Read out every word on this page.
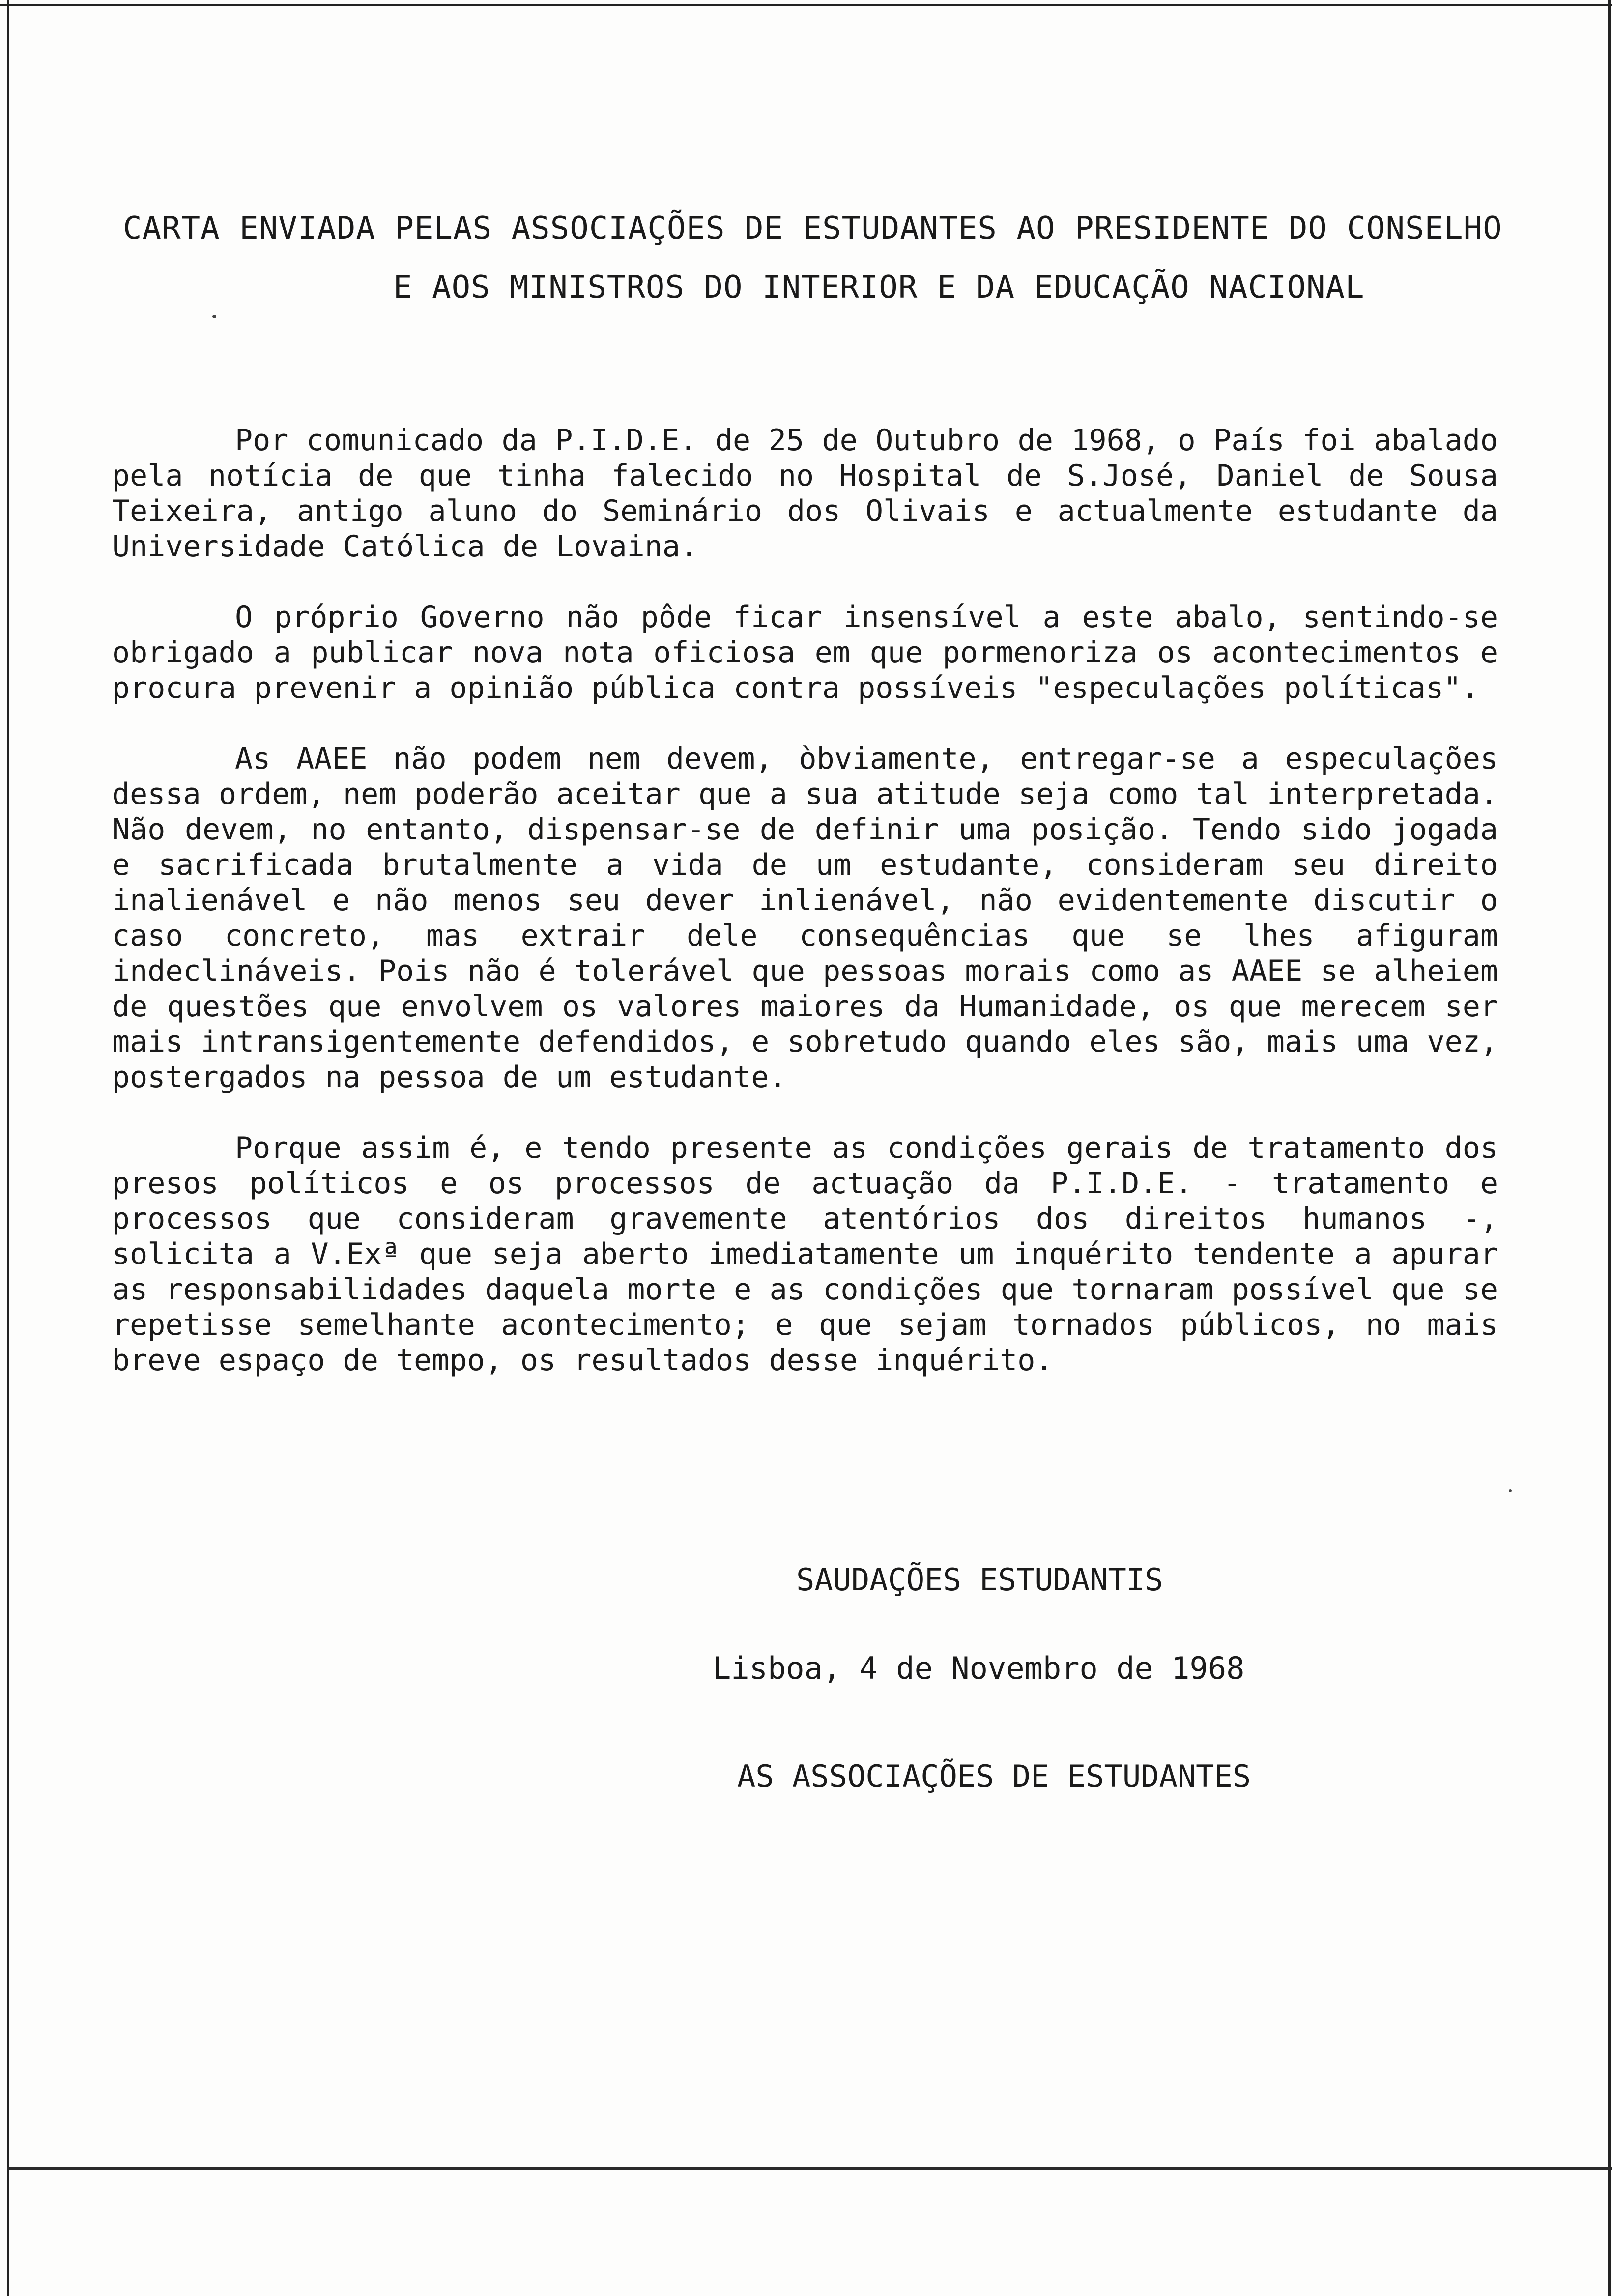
CARTA ENVIADA PELAS ASSOCIAÇÕES DE ESTUDANTES AO PRESIDENTE DO CONSELHO
E AOS MINISTROS DO INTERIOR E DA EDUCAÇÃO NACIONAL

Por comunicado da P.I.D.E. de 25 de Outubro de 1968, o País foi abalado pela notícia de que tinha falecido no Hospital de S.José, Daniel de Sousa Teixeira, antigo aluno do Seminário dos Olivais e actualmente estudante da Universidade Católica de Lovaina.

O próprio Governo não pôde ficar insensível a este abalo, sentindo-se obrigado a publicar nova nota oficiosa em que pormenoriza os acontecimentos e procura prevenir a opinião pública contra possíveis "especulações políticas".

As AAEE não podem nem devem, òbviamente, entregar-se a especulações dessa ordem, nem poderão aceitar que a sua atitude seja como tal interpretada. Não devem, no entanto, dispensar-se de definir uma posição. Tendo sido jogada e sacrificada brutalmente a vida de um estudante, consideram seu direito inalienável e não menos seu dever inlienável, não evidentemente discutir o caso concreto, mas extrair dele consequências que se lhes afiguram indeclináveis. Pois não é tolerável que pessoas morais como as AAEE se alheiem de questões que envolvem os valores maiores da Humanidade, os que merecem ser mais intransigentemente defendidos, e sobretudo quando eles são, mais uma vez, postergados na pessoa de um estudante.

Porque assim é, e tendo presente as condições gerais de tratamento dos presos políticos e os processos de actuação da P.I.D.E. - tratamento e processos que consideram gravemente atentórios dos direitos humanos -, solicita a V.Exª que seja aberto imediatamente um inquérito tendente a apurar as responsabilidades daquela morte e as condições que tornaram possível que se repetisse semelhante acontecimento; e que sejam tornados públicos, no mais breve espaço de tempo, os resultados desse inquérito.

SAUDAÇÕES ESTUDANTIS
Lisboa, 4 de Novembro de 1968
AS ASSOCIAÇÕES DE ESTUDANTES
